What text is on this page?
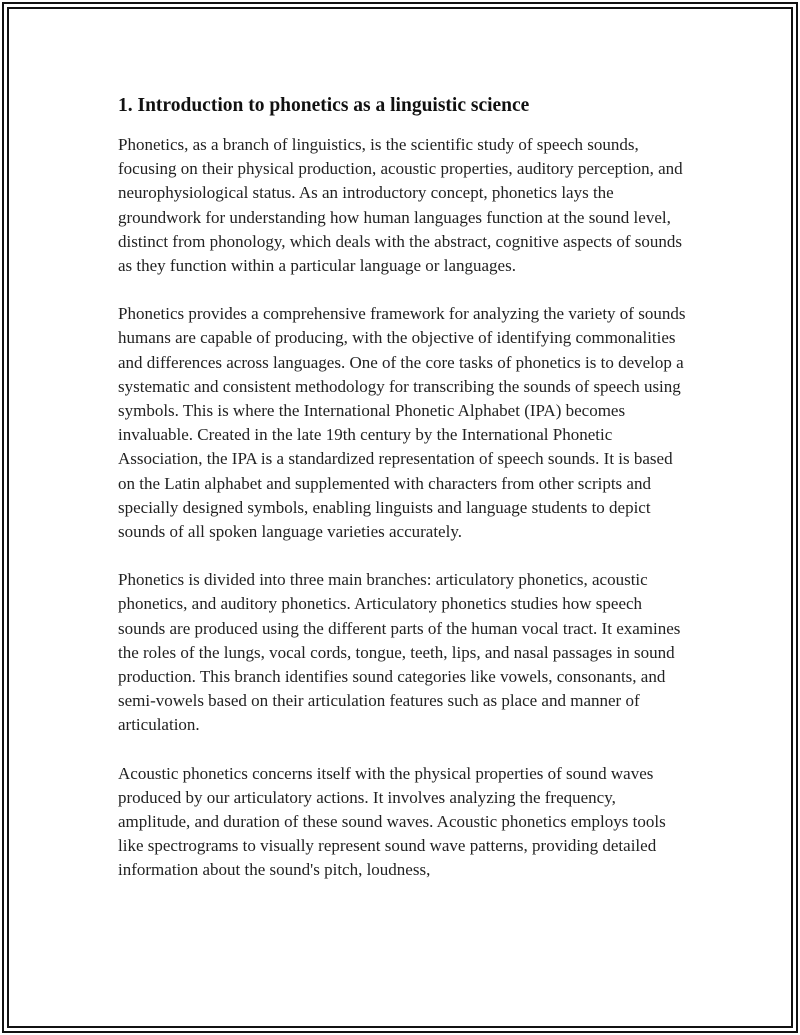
1. Introduction to phonetics as a linguistic science

Phonetics, as a branch of linguistics, is the scientific study of speech sounds, focusing on their physical production, acoustic properties, auditory perception, and neurophysiological status. As an introductory concept, phonetics lays the groundwork for understanding how human languages function at the sound level, distinct from phonology, which deals with the abstract, cognitive aspects of sounds as they function within a particular language or languages.

Phonetics provides a comprehensive framework for analyzing the variety of sounds humans are capable of producing, with the objective of identifying commonalities and differences across languages. One of the core tasks of phonetics is to develop a systematic and consistent methodology for transcribing the sounds of speech using symbols. This is where the International Phonetic Alphabet (IPA) becomes invaluable. Created in the late 19th century by the International Phonetic Association, the IPA is a standardized representation of speech sounds. It is based on the Latin alphabet and supplemented with characters from other scripts and specially designed symbols, enabling linguists and language students to depict sounds of all spoken language varieties accurately.

Phonetics is divided into three main branches: articulatory phonetics, acoustic phonetics, and auditory phonetics. Articulatory phonetics studies how speech sounds are produced using the different parts of the human vocal tract. It examines the roles of the lungs, vocal cords, tongue, teeth, lips, and nasal passages in sound production. This branch identifies sound categories like vowels, consonants, and semi-vowels based on their articulation features such as place and manner of articulation.

Acoustic phonetics concerns itself with the physical properties of sound waves produced by our articulatory actions. It involves analyzing the frequency, amplitude, and duration of these sound waves. Acoustic phonetics employs tools like spectrograms to visually represent sound wave patterns, providing detailed information about the sound's pitch, loudness,
